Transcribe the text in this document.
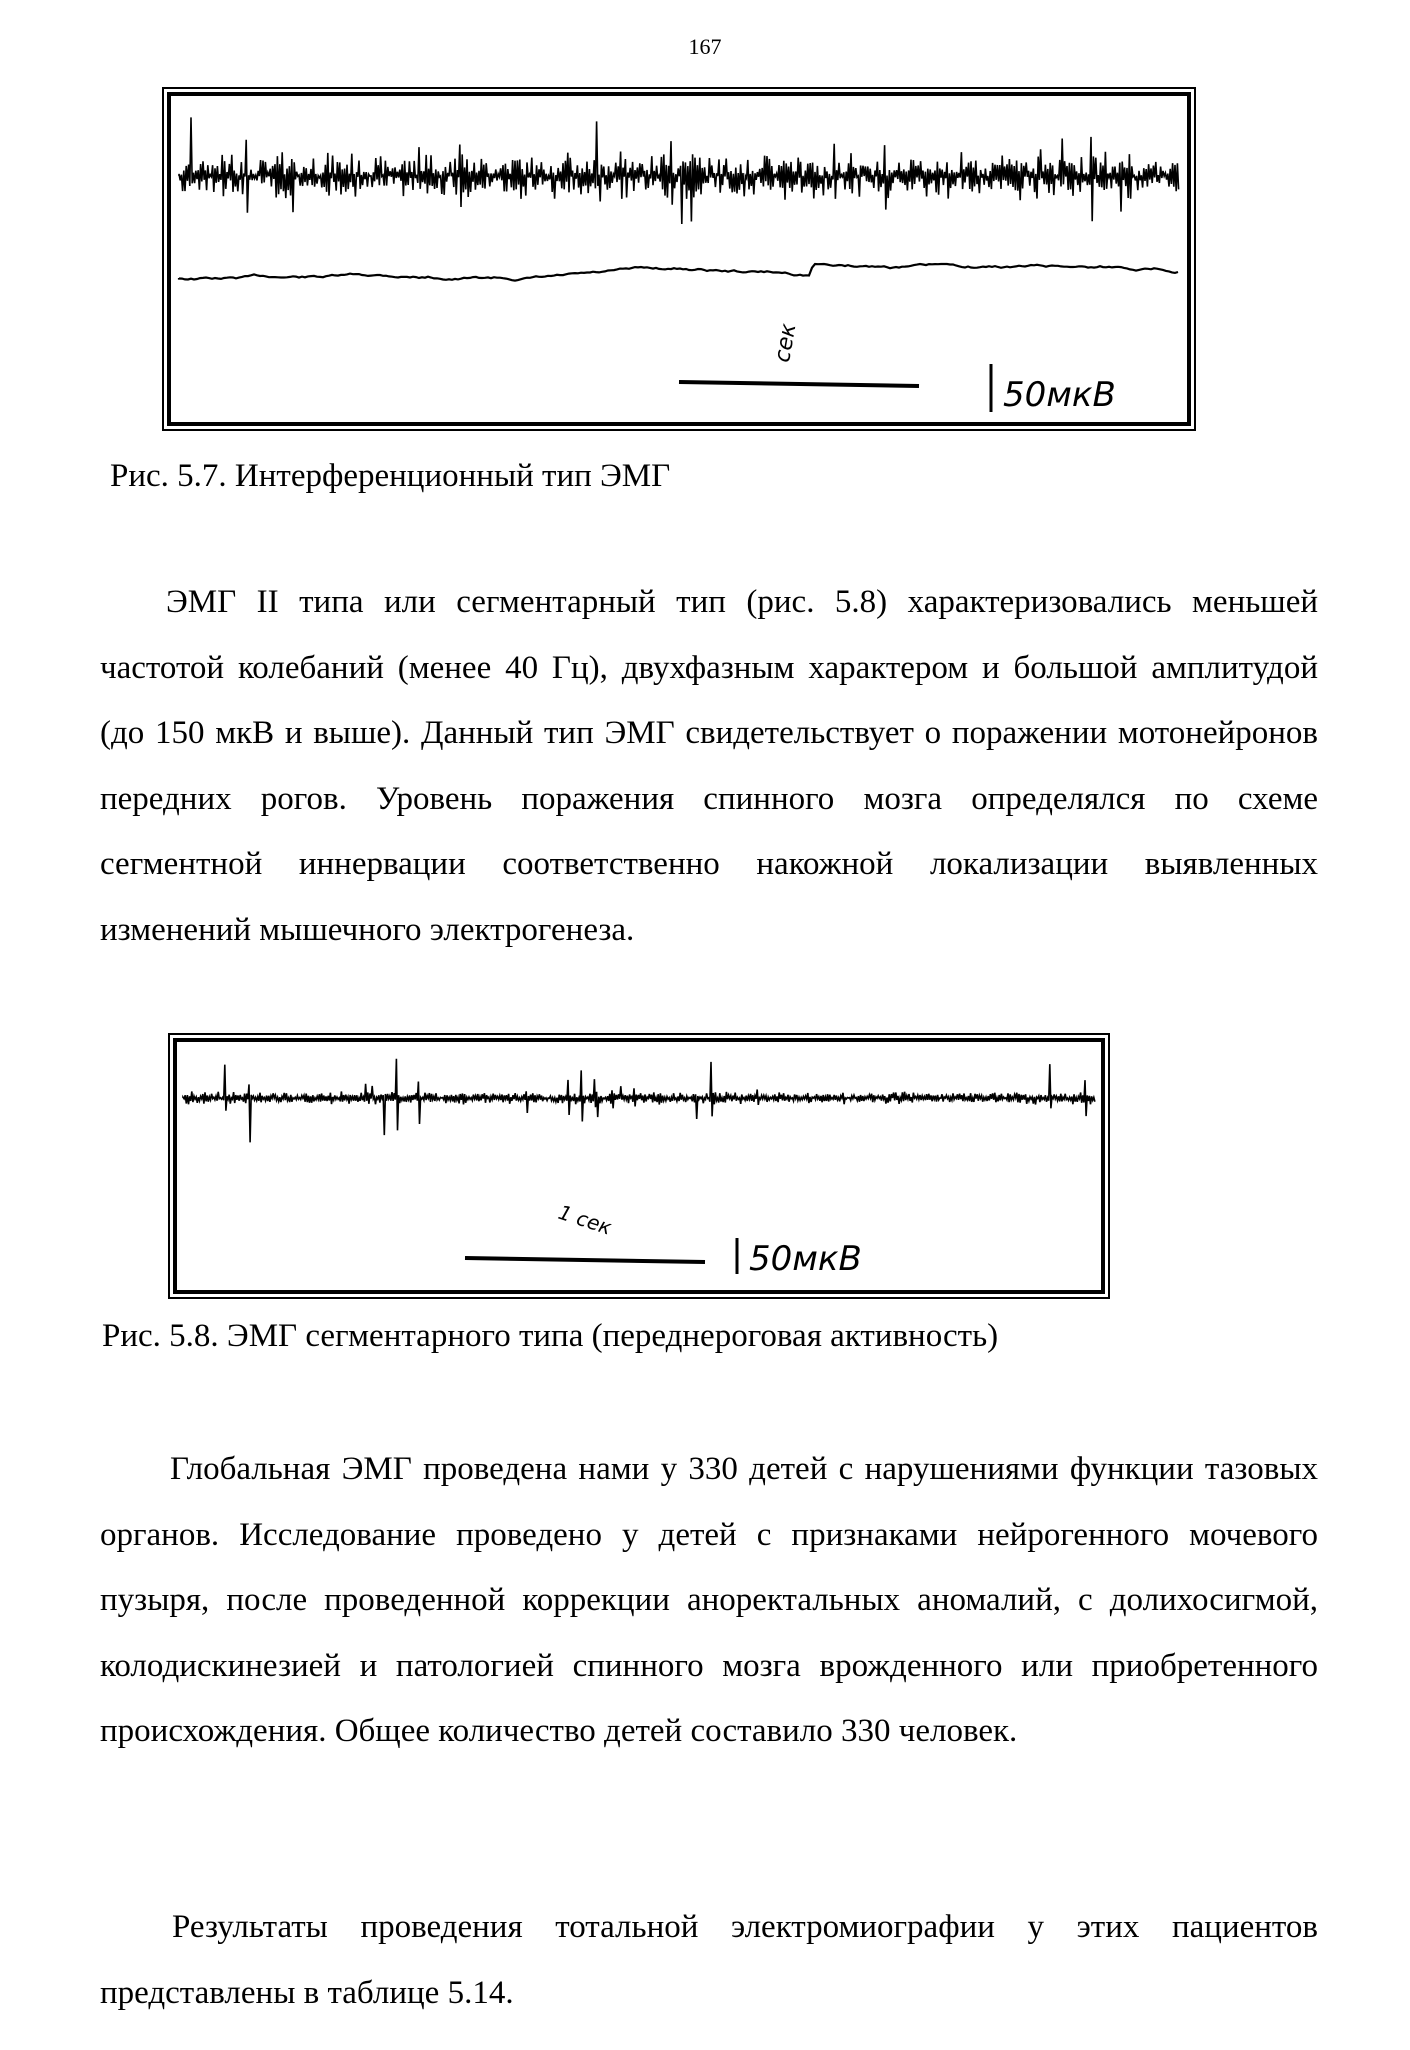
167
сек
50мкВ
Рис. 5.7. Интерференционный тип ЭМГ

ЭМГ II типа или сегментарный тип (рис. 5.8) характеризовались меньшей частотой колебаний (менее 40 Гц), двухфазным характером и большой амплитудой (до 150 мкВ и выше). Данный тип ЭМГ свидетельствует о поражении мотонейронов передних рогов. Уровень поражения спинного мозга определялся по схеме сегментной иннервации соответственно накожной локализации выявленных изменений мышечного электрогенеза.

1 сек
50мкВ
Рис. 5.8. ЭМГ сегментарного типа (переднероговая активность)

Глобальная ЭМГ проведена нами у 330 детей с нарушениями функции тазовых органов. Исследование проведено у детей с признаками нейрогенного мочевого пузыря, после проведенной коррекции аноректальных аномалий, с долихосигмой, колодискинезией и патологией спинного мозга врожденного или приобретенного происхождения. Общее количество детей составило 330 человек.

Результаты проведения тотальной электромиографии у этих пациентов представлены в таблице 5.14.
